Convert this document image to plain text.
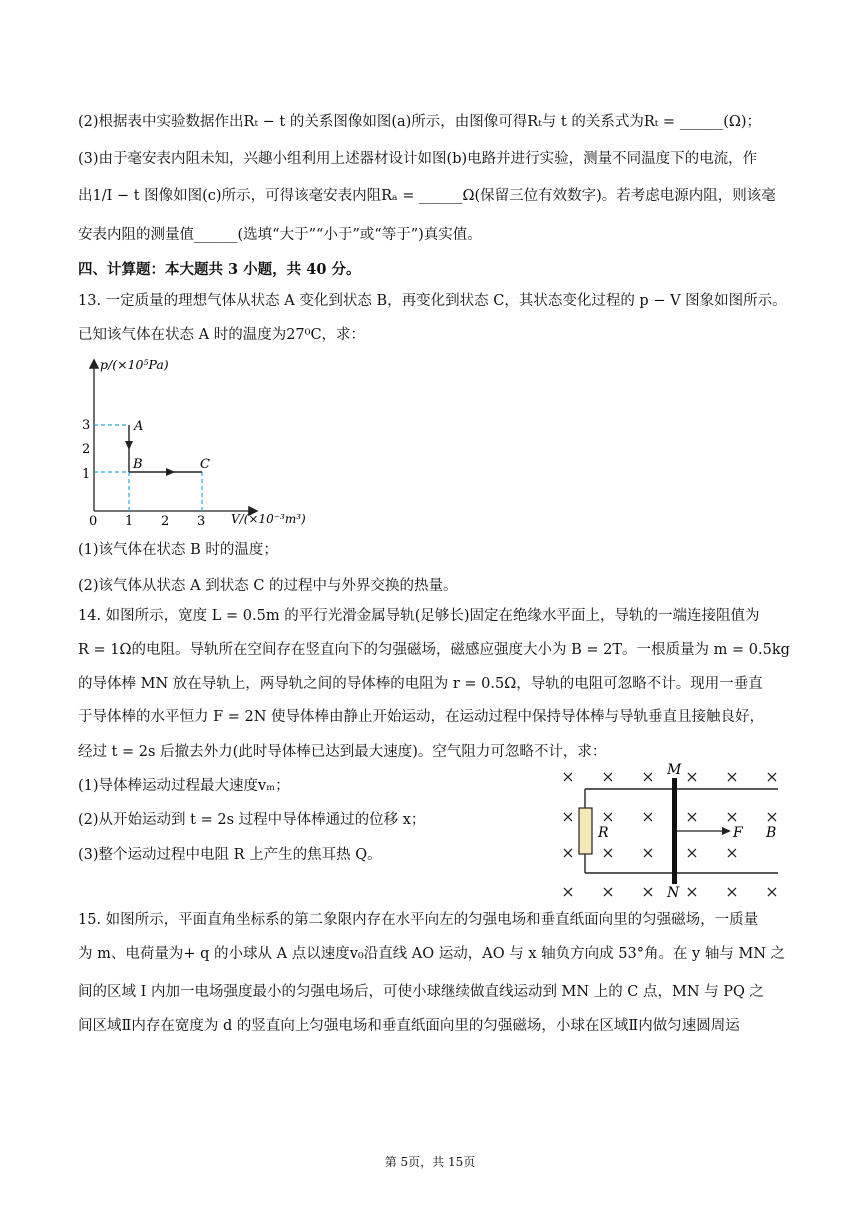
(2)根据表中实验数据作出Rₜ − t 的关系图像如图(a)所示，由图像可得Rₜ与 t 的关系式为Rₜ = ______(Ω)；
(3)由于毫安表内阻未知，兴趣小组利用上述器材设计如图(b)电路并进行实验，测量不同温度下的电流，作
出1/I − t 图像如图(c)所示，可得该毫安表内阻Rₐ = ______Ω(保留三位有效数字)。若考虑电源内阻，则该毫
安表内阻的测量值______(选填“大于”“小于”或“等于”)真实值。
四、计算题：本大题共 3 小题，共 40 分。
13. 一定质量的理想气体从状态 A 变化到状态 B，再变化到状态 C，其状态变化过程的 p − V 图象如图所示。
已知该气体在状态 A 时的温度为27⁰C，求：
p/(×10⁵Pa)
V/(×10⁻³m³)
3
2
1
0 1 2 3
A
B	C
(1)该气体在状态 B 时的温度；
(2)该气体从状态 A 到状态 C 的过程中与外界交换的热量。
14. 如图所示，宽度 L = 0.5m 的平行光滑金属导轨(足够长)固定在绝缘水平面上，导轨的一端连接阻值为
R = 1Ω的电阻。导轨所在空间存在竖直向下的匀强磁场，磁感应强度大小为 B = 2T。一根质量为 m = 0.5kg
的导体棒 MN 放在导轨上，两导轨之间的导体棒的电阻为 r = 0.5Ω，导轨的电阻可忽略不计。现用一垂直
于导体棒的水平恒力 F = 2N 使导体棒由静止开始运动，在运动过程中保持导体棒与导轨垂直且接触良好，
经过 t = 2s 后撤去外力(此时导体棒已达到最大速度)。空气阻力可忽略不计，求：
(1)导体棒运动过程最大速度vₘ；
(2)从开始运动到 t = 2s 过程中导体棒通过的位移 x；
(3)整个运动过程中电阻 R 上产生的焦耳热 Q。
× × × × × ×
× × × × × ×
× × × × ×
× × × × × ×
R
M
N
F B
15. 如图所示，平面直角坐标系的第二象限内存在水平向左的匀强电场和垂直纸面向里的匀强磁场，一质量
为 m、电荷量为+ q 的小球从 A 点以速度v₀沿直线 AO 运动，AO 与 x 轴负方向成 53°角。在 y 轴与 MN 之
间的区域 I 内加一电场强度最小的匀强电场后，可使小球继续做直线运动到 MN 上的 C 点，MN 与 PQ 之
间区域Ⅱ内存在宽度为 d 的竖直向上匀强电场和垂直纸面向里的匀强磁场，小球在区域Ⅱ内做匀速圆周运
第 5页，共 15页
